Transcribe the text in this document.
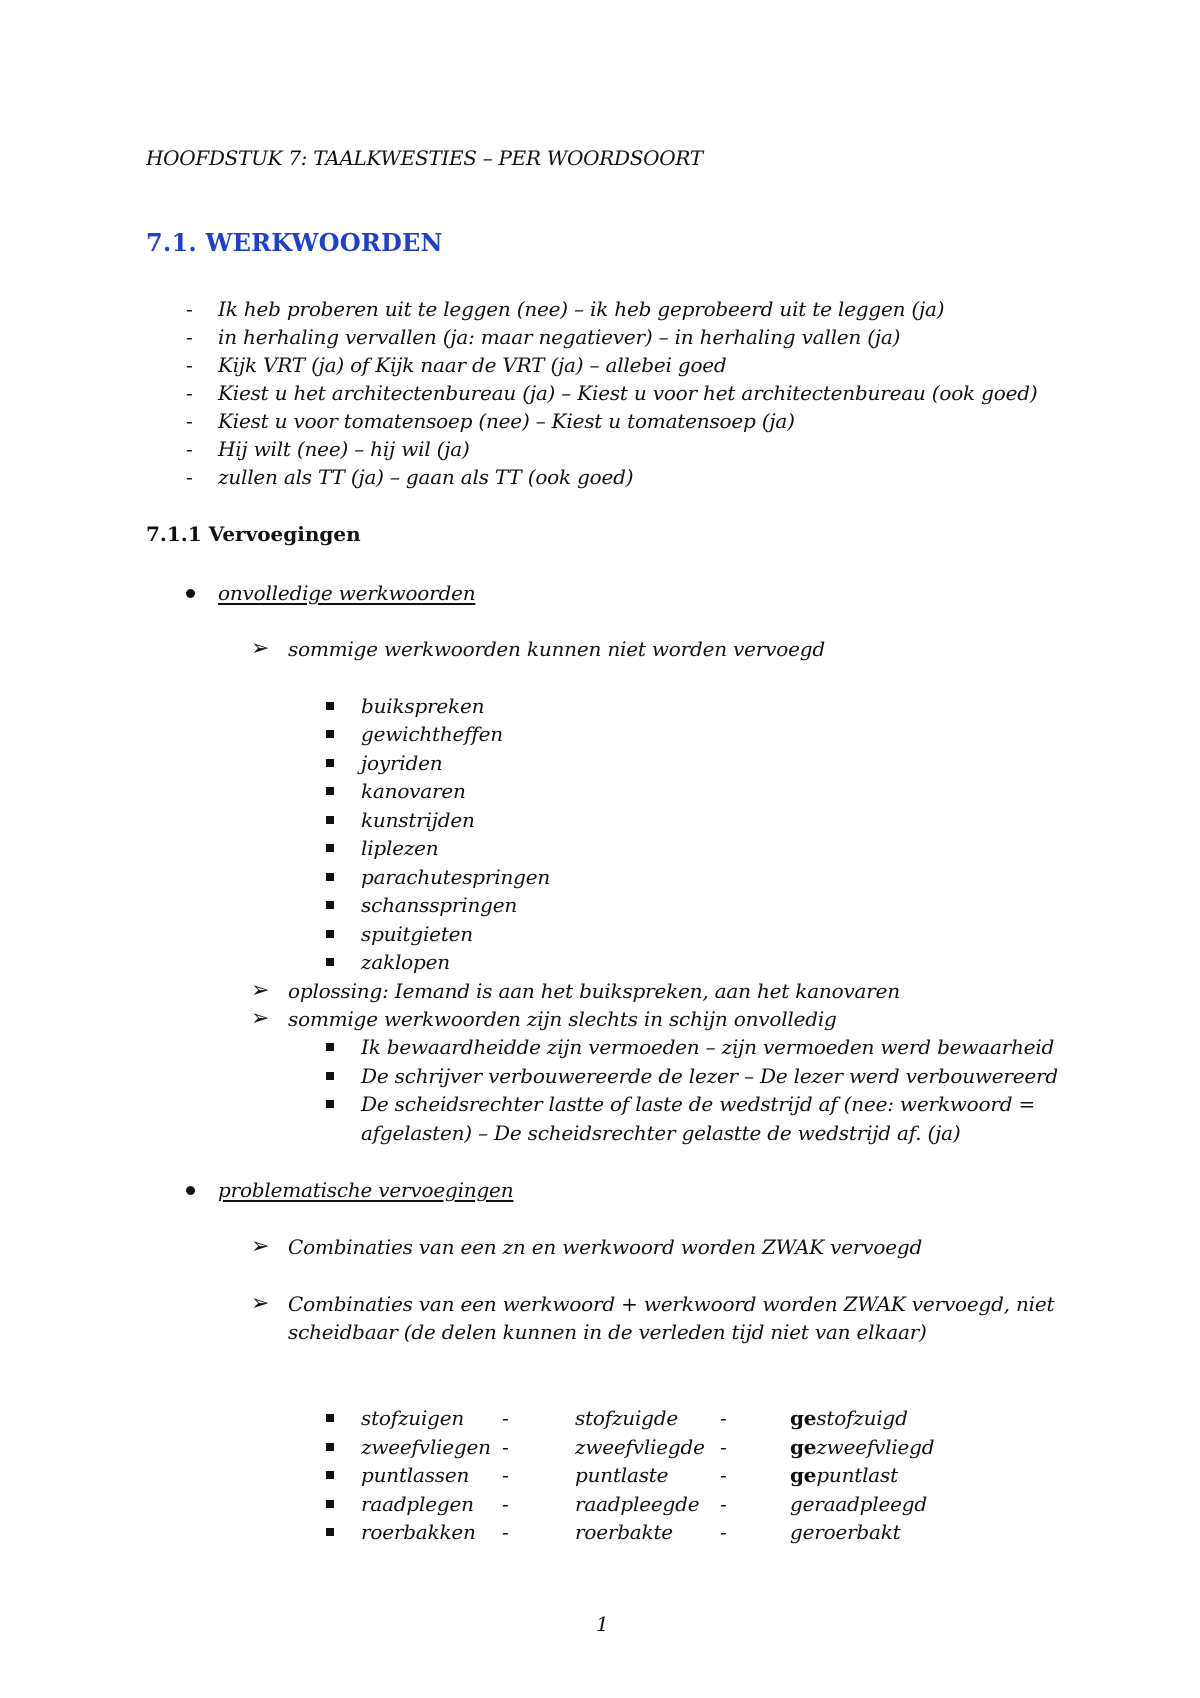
HOOFDSTUK 7: TAALKWESTIES – PER WOORDSOORT
7.1. WERKWOORDEN
- Ik heb proberen uit te leggen (nee) – ik heb geprobeerd uit te leggen (ja)
- in herhaling vervallen (ja: maar negatiever) – in herhaling vallen (ja)
- Kijk VRT (ja) of Kijk naar de VRT (ja) – allebei goed
- Kiest u het architectenbureau (ja) – Kiest u voor het architectenbureau (ook goed)
- Kiest u voor tomatensoep (nee) – Kiest u tomatensoep (ja)
- Hij wilt (nee) – hij wil (ja)
- zullen als TT (ja) – gaan als TT (ook goed)
7.1.1 Vervoegingen
onvolledige werkwoorden
➢ sommige werkwoorden kunnen niet worden vervoegd
buikspreken
gewichtheffen
joyriden
kanovaren
kunstrijden
liplezen
parachutespringen
schansspringen
spuitgieten
zaklopen
➢ oplossing: Iemand is aan het buikspreken, aan het kanovaren
➢ sommige werkwoorden zijn slechts in schijn onvolledig
Ik bewaardheidde zijn vermoeden – zijn vermoeden werd bewaarheid
De schrijver verbouwereerde de lezer – De lezer werd verbouwereerd
De scheidsrechter lastte of laste de wedstrijd af (nee: werkwoord =
afgelasten) – De scheidsrechter gelastte de wedstrijd af. (ja)
problematische vervoegingen
➢ Combinaties van een zn en werkwoord worden ZWAK vervoegd
➢ Combinaties van een werkwoord + werkwoord worden ZWAK vervoegd, niet
scheidbaar (de delen kunnen in de verleden tijd niet van elkaar)
stofzuigen -	stofzuigde -	gestofzuigd
zweefvliegen -	zweefvliegde -	gezweefvliegd
puntlassen -	puntlaste	-	gepuntlast
raadplegen -	raadpleegde -	geraadpleegd
roerbakken -	roerbakte -	geroerbakt
1
